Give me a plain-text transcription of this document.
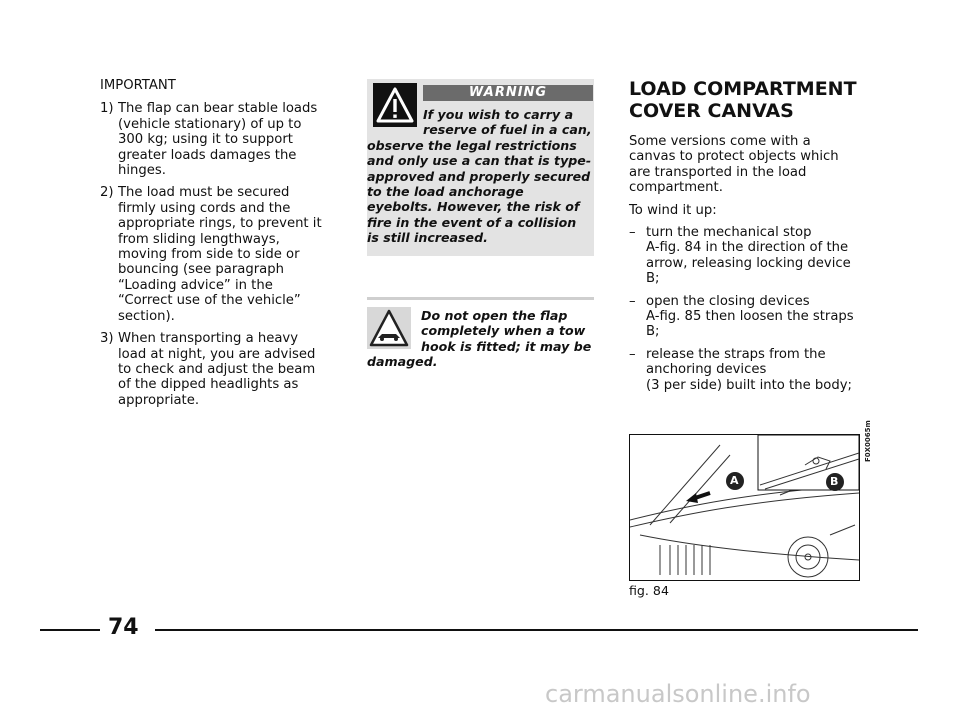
IMPORTANT
1) The flap can bear stable loads (vehicle stationary) of up to 300 kg; using it to support greater loads damages the hinges.
2) The load must be secured firmly using cords and the appropriate rings, to prevent it from sliding lengthways, moving from side to side or bouncing (see paragraph “Loading advice” in the “Correct use of the vehicle” section).
3) When transporting a heavy load at night, you are advised to check and adjust the beam of the dipped headlights as appropriate.
WARNING
If you wish to carry a reserve of fuel in a can, observe the legal restrictions and only use a can that is type-approved and properly secured to the load anchorage eyebolts. However, the risk of fire in the event of a collision is still increased.
Do not open the flap completely when a tow hook is fitted; it may be damaged.
LOAD COMPARTMENT
COVER CANVAS

Some versions come with a canvas to protect objects which are transported in the load compartment.

To wind it up:

– turn the mechanical stop
A-fig. 84 in the direction of the arrow, releasing locking device B;
– open the closing devices
A-fig. 85 then loosen the straps B;
– release the straps from the anchoring devices
(3 per side) built into the body;
A	B
F0X0065m
fig. 84
74
carmanualsonline.info
